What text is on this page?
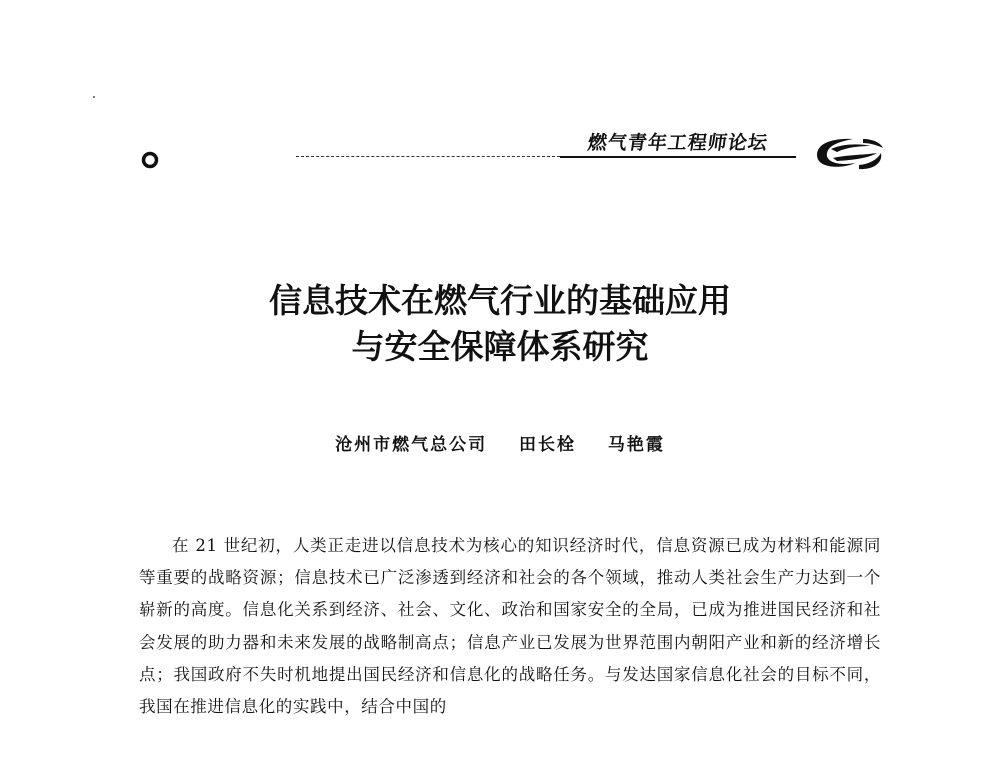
燃气青年工程师论坛
信息技术在燃气行业的基础应用
与安全保障体系研究
沧州市燃气总公司 田长栓 马艳霞
在 21 世纪初，人类正走进以信息技术为核心的知识经济时代，信息资源已成为材料和能源同等重要的战略资源；信息技术已广泛渗透到经济和社会的各个领域，推动人类社会生产力达到一个崭新的高度。信息化关系到经济、社会、文化、政治和国家安全的全局，已成为推进国民经济和社会发展的助力器和未来发展的战略制高点；信息产业已发展为世界范围内朝阳产业和新的经济增长点；我国政府不失时机地提出国民经济和信息化的战略任务。与发达国家信息化社会的目标不同，我国在推进信息化的实践中，结合中国的
